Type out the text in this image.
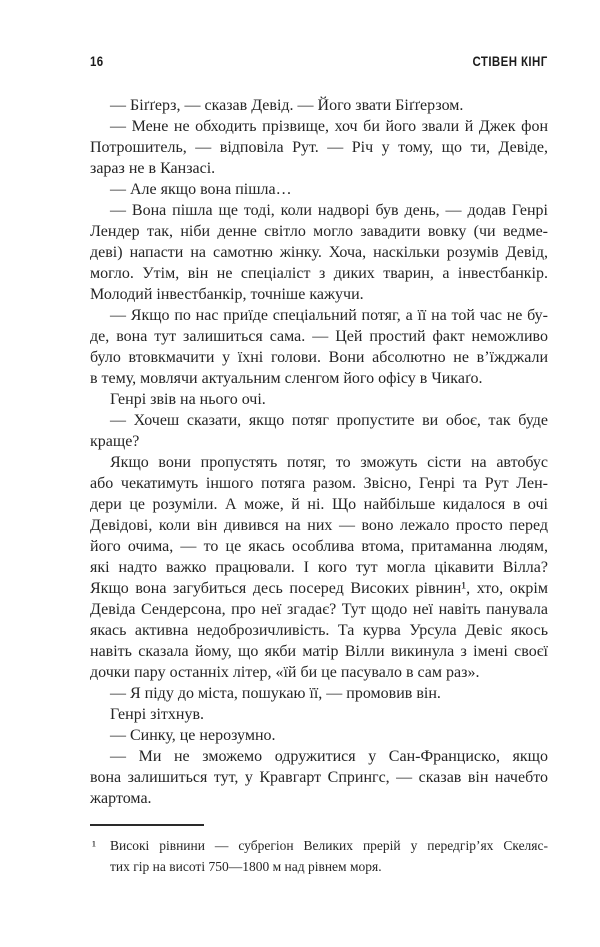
16	СТІВЕН КІНГ
— Біґґерз, — сказав Девід. — Його звати Біґґерзом.
— Мене не обходить прізвище, хоч би його звали й Джек фон
Потрошитель, — відповіла Рут. — Річ у тому, що ти, Девіде,
зараз не в Канзасі.
— Але якщо вона пішла…
— Вона пішла ще тоді, коли надворі був день, — додав Генрі
Лендер так, ніби денне світло могло завадити вовку (чи ведме-
деві) напасти на самотню жінку. Хоча, наскільки розумів Девід,
могло. Утім, він не спеціаліст з диких тварин, а інвестбанкір.
Молодий інвестбанкір, точніше кажучи.
— Якщо по нас приїде спеціальний потяг, а її на той час не бу-
де, вона тут залишиться сама. — Цей простий факт неможливо
було втовкмачити у їхні голови. Вони абсолютно не в’їжджали
в тему, мовлячи актуальним сленгом його офісу в Чикаґо.
Генрі звів на нього очі.
— Хочеш сказати, якщо потяг пропустите ви обоє, так буде
краще?
Якщо вони пропустять потяг, то зможуть сісти на автобус
або чекатимуть іншого потяга разом. Звісно, Генрі та Рут Лен-
дери це розуміли. А може, й ні. Що найбільше кидалося в очі
Девідові, коли він дивився на них — воно лежало просто перед
його очима, — то це якась особлива втома, притаманна людям,
які надто важко працювали. І кого тут могла цікавити Вілла?
Якщо вона загубиться десь посеред Високих рівнин¹, хто, окрім
Девіда Сендерсона, про неї згадає? Тут щодо неї навіть панувала
якась активна недоброзичливість. Та курва Урсула Девіс якось
навіть сказала йому, що якби матір Вілли викинула з імені своєї
дочки пару останніх літер, «їй би це пасувало в сам раз».
— Я піду до міста, пошукаю її, — промовив він.
Генрі зітхнув.
— Синку, це нерозумно.
— Ми не зможемо одружитися у Сан-Франциско, якщо
вона залишиться тут, у Кравгарт Спрингс, — сказав він начебто
жартома.
¹ Високі рівнини — субрегіон Великих прерій у передгір’ях Скеляс-
тих гір на висоті 750—1800 м над рівнем моря.
